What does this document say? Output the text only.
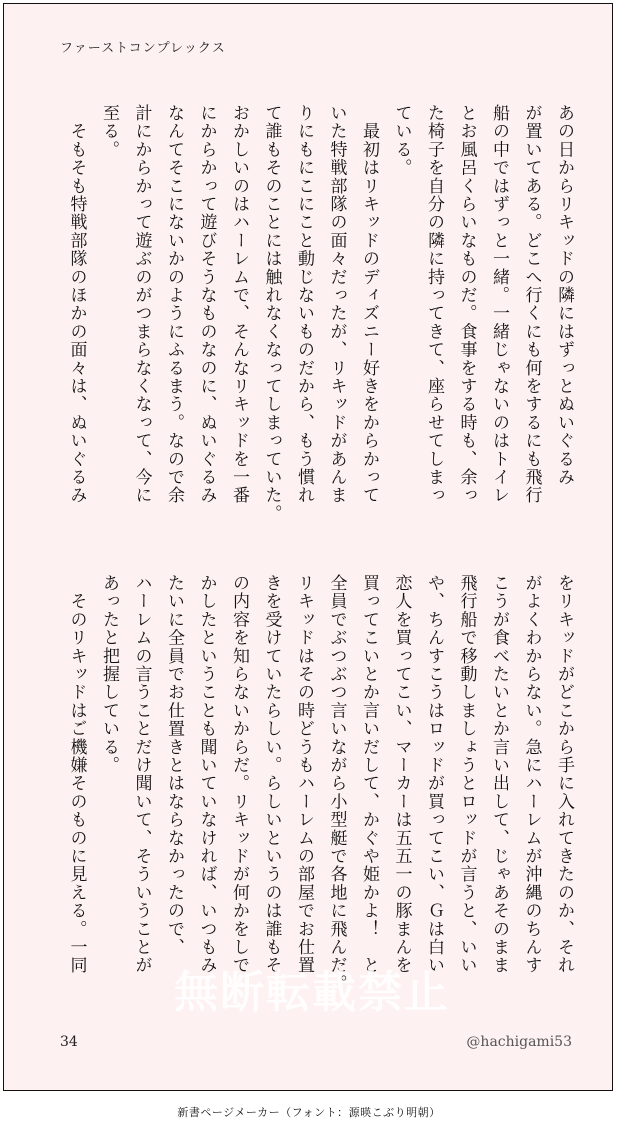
ファーストコンプレックス

あの日からリキッドの隣にはずっとぬいぐるみ
が置いてある。どこへ行くにも何をするにも飛行
船の中ではずっと一緒。一緒じゃないのはトイレ
とお風呂くらいなものだ。食事をする時も、余っ
た椅子を自分の隣に持ってきて、座らせてしまっ
ている。
　最初はリキッドのディズニー好きをからかって
いた特戦部隊の面々だったが、リキッドがあんま
りにもにこにこと動じないものだから、もう慣れ
て誰もそのことには触れなくなってしまっていた。
おかしいのはハーレムで、そんなリキッドを一番
にからかって遊びそうなものなのに、ぬいぐるみ
なんてそこにないかのようにふるまう。なので余
計にからかって遊ぶのがつまらなくなって、今に
至る。
　そもそも特戦部隊のほかの面々は、ぬいぐるみ

をリキッドがどこから手に入れてきたのか、それ
がよくわからない。急にハーレムが沖縄のちんす
こうが食べたいとか言い出して、じゃあそのまま
飛行船で移動しましょうとロッドが言うと、いい
や、ちんすこうはロッドが買ってこい、Ｇは白い
恋人を買ってこい、マーカーは五五一の豚まんを
買ってこいとか言いだして、かぐや姫かよ！　と
全員でぶつぶつ言いながら小型艇で各地に飛んだ。
リキッドはその時どうもハーレムの部屋でお仕置
きを受けていたらしい。らしいというのは誰もそ
の内容を知らないからだ。リキッドが何かをしで
かしたということも聞いていなければ、いつもみ
たいに全員でお仕置きとはならなかったので、
ハーレムの言うことだけ聞いて、そういうことが
あったと把握している。
　そのリキッドはご機嫌そのものに見える。一同

無断転載禁止
34	@hachigami53
新書ページメーカー（フォント：源暎こぶり明朝）
